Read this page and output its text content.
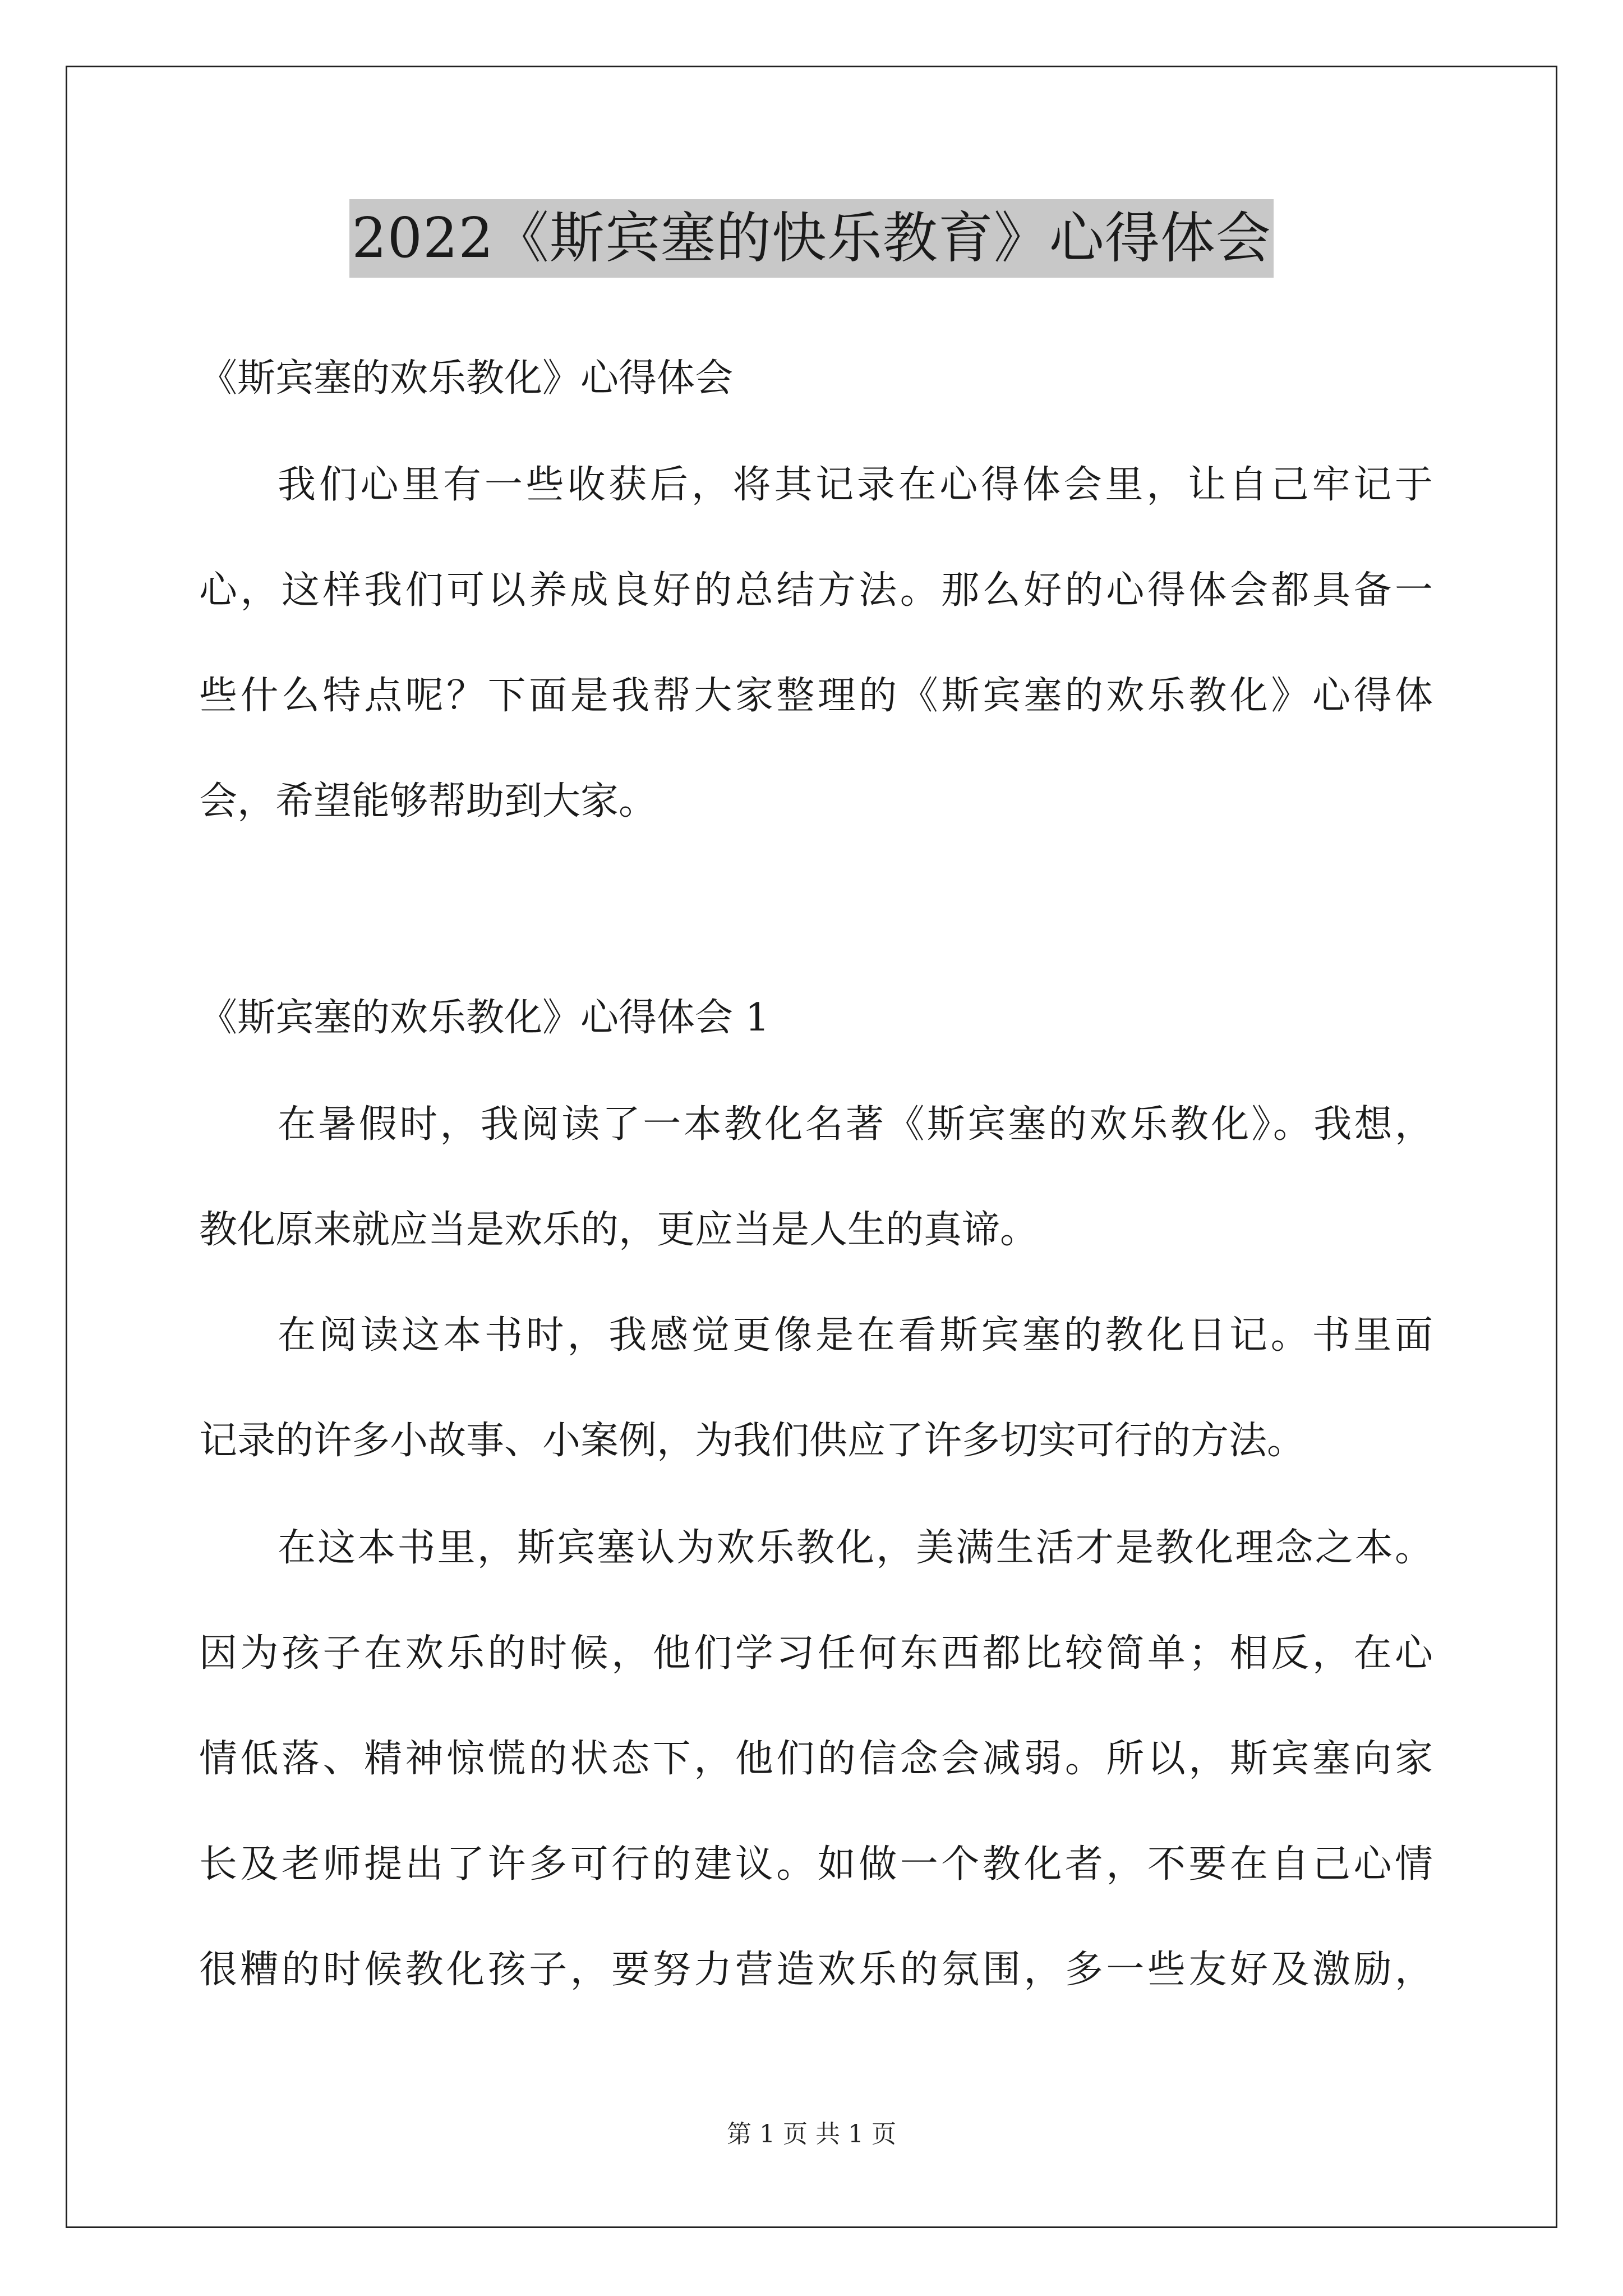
2022《斯宾塞的快乐教育》心得体会
《斯宾塞的欢乐教化》心得体会
我们心里有一些收获后，将其记录在心得体会里，让自己牢记于
心，这样我们可以养成良好的总结方法。那么好的心得体会都具备一
些什么特点呢？下面是我帮大家整理的《斯宾塞的欢乐教化》心得体
会，希望能够帮助到大家。
《斯宾塞的欢乐教化》心得体会 1
在暑假时，我阅读了一本教化名著《斯宾塞的欢乐教化》。我想，
教化原来就应当是欢乐的，更应当是人生的真谛。
在阅读这本书时，我感觉更像是在看斯宾塞的教化日记。书里面
记录的许多小故事、小案例，为我们供应了许多切实可行的方法。
在这本书里，斯宾塞认为欢乐教化，美满生活才是教化理念之本。
因为孩子在欢乐的时候，他们学习任何东西都比较简单；相反，在心
情低落、精神惊慌的状态下，他们的信念会减弱。所以，斯宾塞向家
长及老师提出了许多可行的建议。如做一个教化者，不要在自己心情
很糟的时候教化孩子，要努力营造欢乐的氛围，多一些友好及激励，
第 1 页 共 1 页
